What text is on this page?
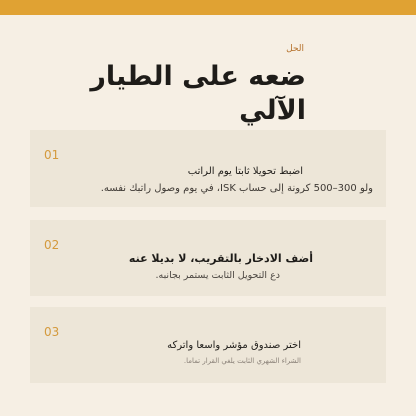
الحل
ضعه على الطيار الآلي
01
اضبط تحويلا ثابتا يوم الراتب
ولو 300–500 كرونة إلى حساب ISK، في يوم وصول راتبك نفسه.
02
أضف الادخار بالتقريب، لا بديلا عنه
دع التحويل الثابت يستمر بجانبه.
03
اختر صندوق مؤشر واسعا واتركه
الشراء الشهري الثابت يلغي القرار تماما.
